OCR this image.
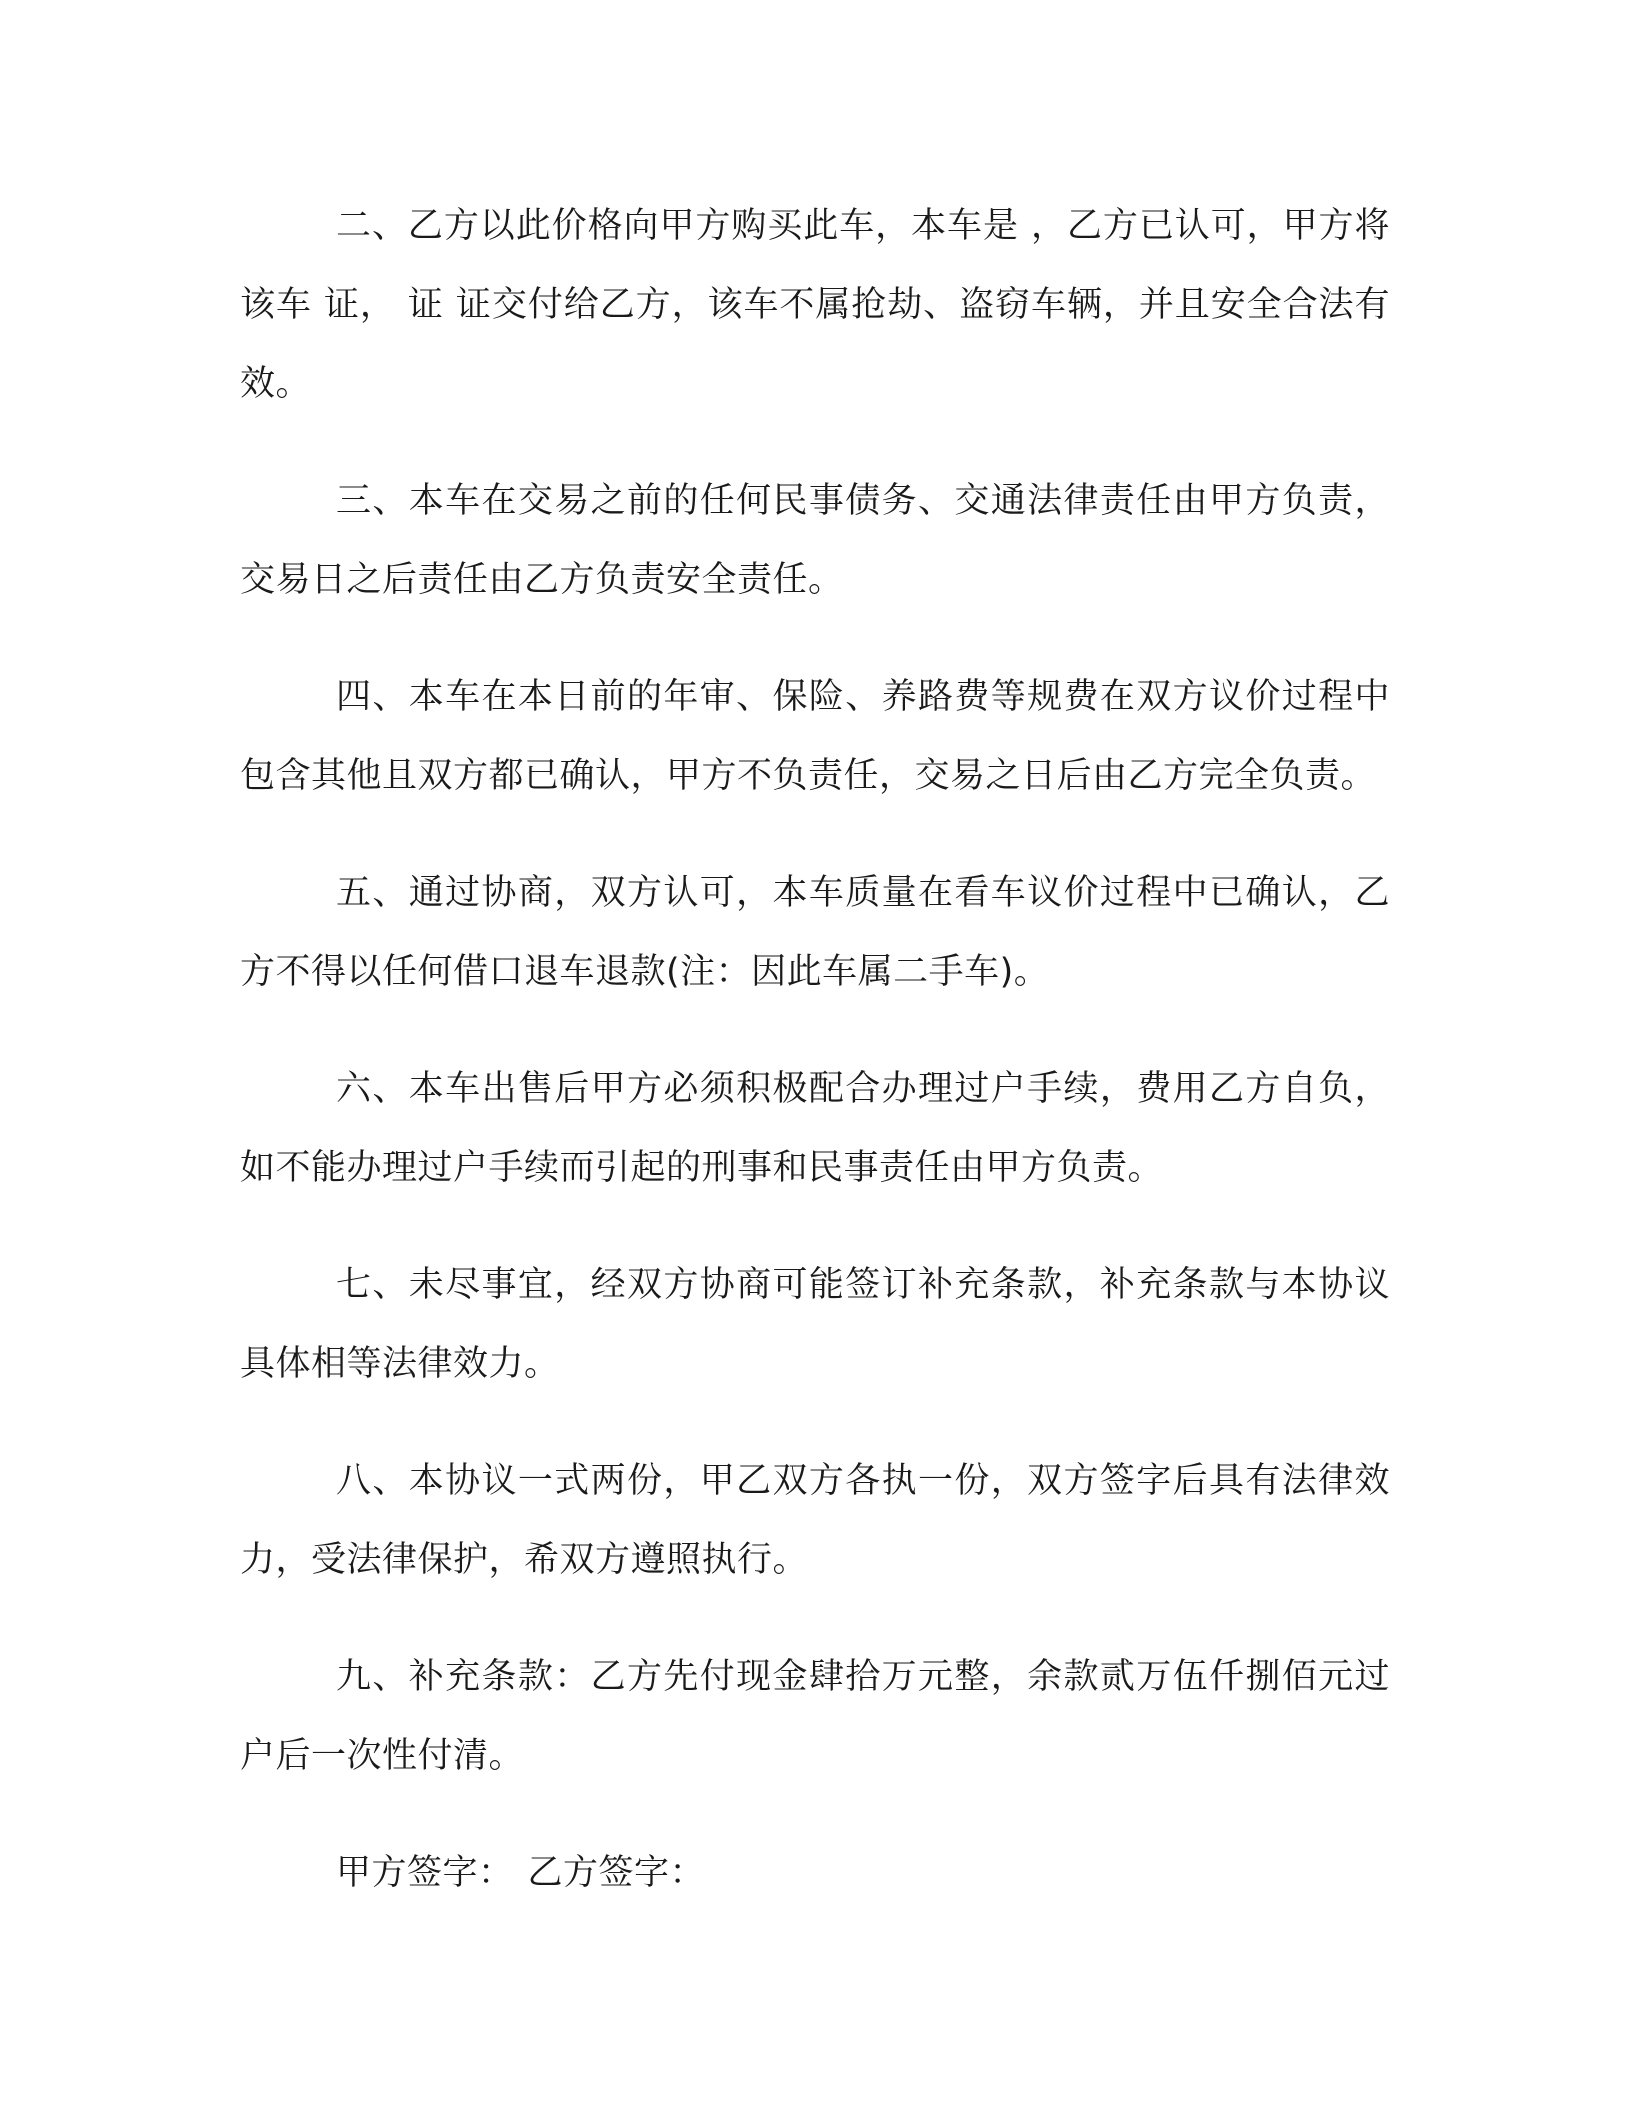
二、乙方以此价格向甲方购买此车，本车是 ，乙方已认可，甲方将该车 证， 证 证交付给乙方，该车不属抢劫、盗窃车辆，并且安全合法有效。

三、本车在交易之前的任何民事债务、交通法律责任由甲方负责，交易日之后责任由乙方负责安全责任。

四、本车在本日前的年审、保险、养路费等规费在双方议价过程中包含其他且双方都已确认，甲方不负责任，交易之日后由乙方完全负责。

五、通过协商，双方认可，本车质量在看车议价过程中已确认，乙方不得以任何借口退车退款(注：因此车属二手车)。

六、本车出售后甲方必须积极配合办理过户手续，费用乙方自负，如不能办理过户手续而引起的刑事和民事责任由甲方负责。

七、未尽事宜，经双方协商可能签订补充条款，补充条款与本协议具体相等法律效力。

八、本协议一式两份，甲乙双方各执一份，双方签字后具有法律效力，受法律保护，希双方遵照执行。

九、补充条款：乙方先付现金肆拾万元整，余款贰万伍仟捌佰元过户后一次性付清。

甲方签字： 乙方签字：
